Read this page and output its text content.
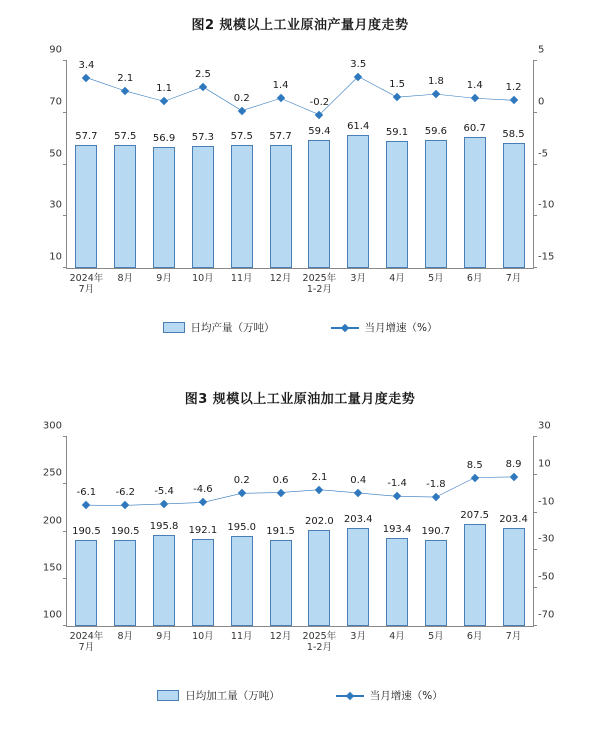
图2 规模以上工业原油产量月度走势
10
30
50
70
90
-15
-10
-5
0
5
57.7
2024年
7月
57.5
8月
56.9
9月
57.3
10月
57.5
11月
57.7
12月
59.4
2025年
1-2月
61.4
3月
59.1
4月
59.6
5月
60.7
6月
58.5
7月
3.4
2.1
1.1
2.5
0.2
1.4
-0.2
3.5
1.5 1.8 1.4 1.2
日均产量（万吨）	当月增速（%）
图3 规模以上工业原油加工量月度走势
100
150
200
250
300
-70
-50
-30
-10
10
30
190.5
2024年
7月
190.5
8月
195.8
9月
192.1
10月
195.0
11月
191.5
12月
202.0
2025年
1-2月
203.4
3月
193.4
4月
190.7
5月
207.5
6月
203.4
7月
-6.1 -6.2 -5.4 -4.6
0.2 0.6 2.1 0.4 -1.4 -1.8
8.5 8.9
日均加工量（万吨）	当月增速（%）
